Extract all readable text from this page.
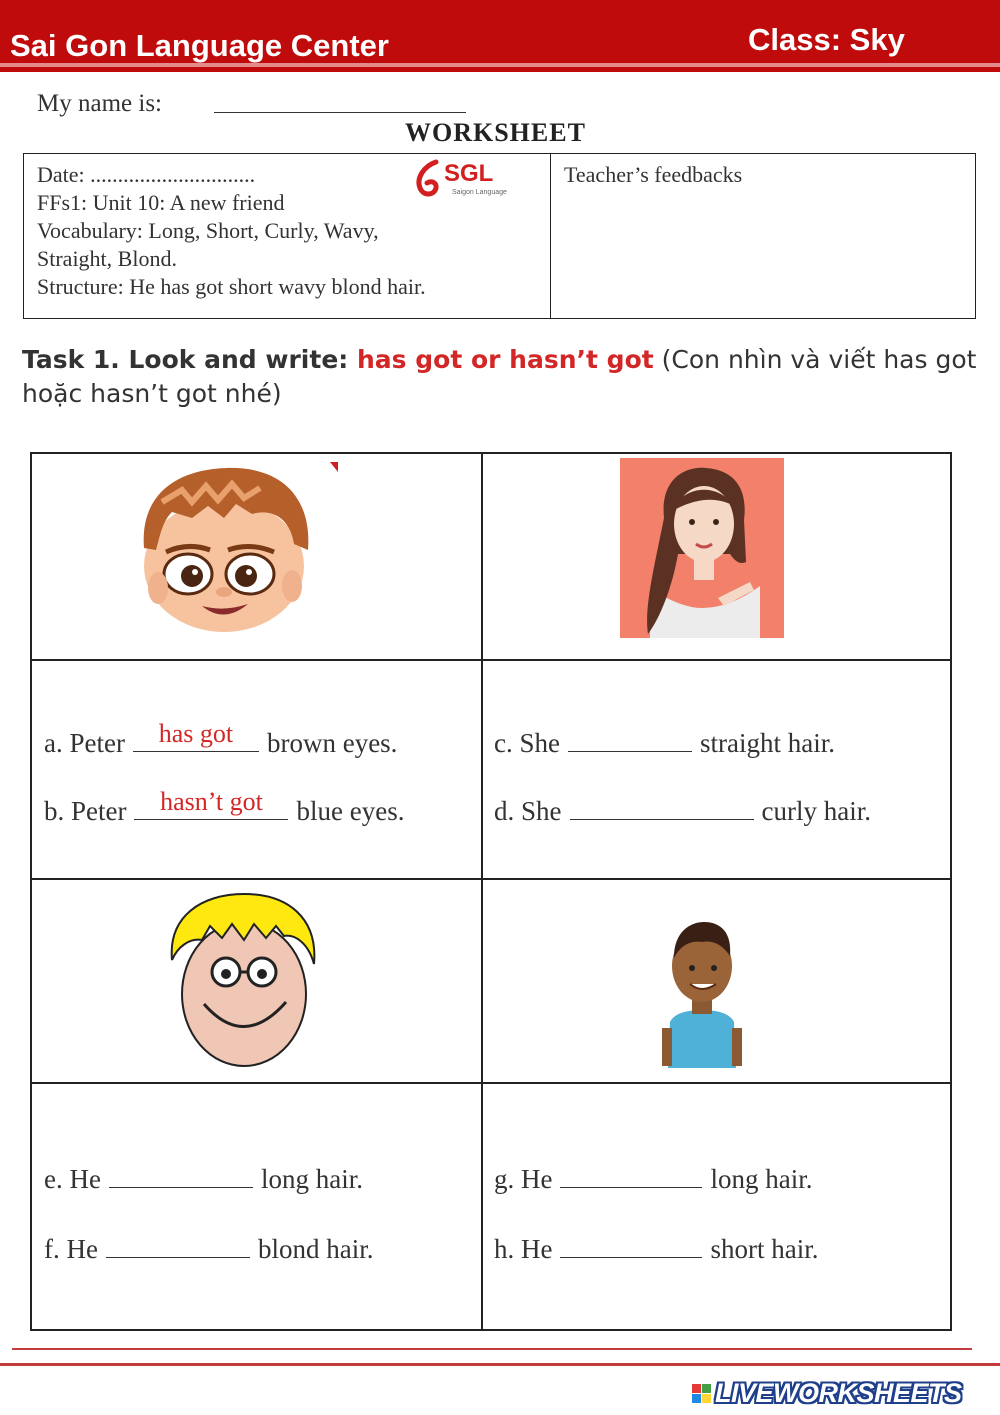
Sai Gon Language Center	Class: Sky
My name is:
WORKSHEET
Date: ..............................
FFs1: Unit 10: A new friend
Vocabulary: Long, Short, Curly, Wavy,
Straight, Blond.
Structure: He has got short wavy blond hair.
SGL
Saigon Language
Teacher’s feedbacks
Task 1. Look and write: has got or hasn’t got (Con nhìn và viết has got hoặc hasn’t got nhé)
a. Peter	has got	brown eyes.
b. Peter	hasn’t got	blue eyes.
c. She	straight hair.
d. She	curly hair.
e. He	long hair.
f. He	blond hair.
g. He	long hair.
h. He	short hair.
LIVEWORKSHEETS
